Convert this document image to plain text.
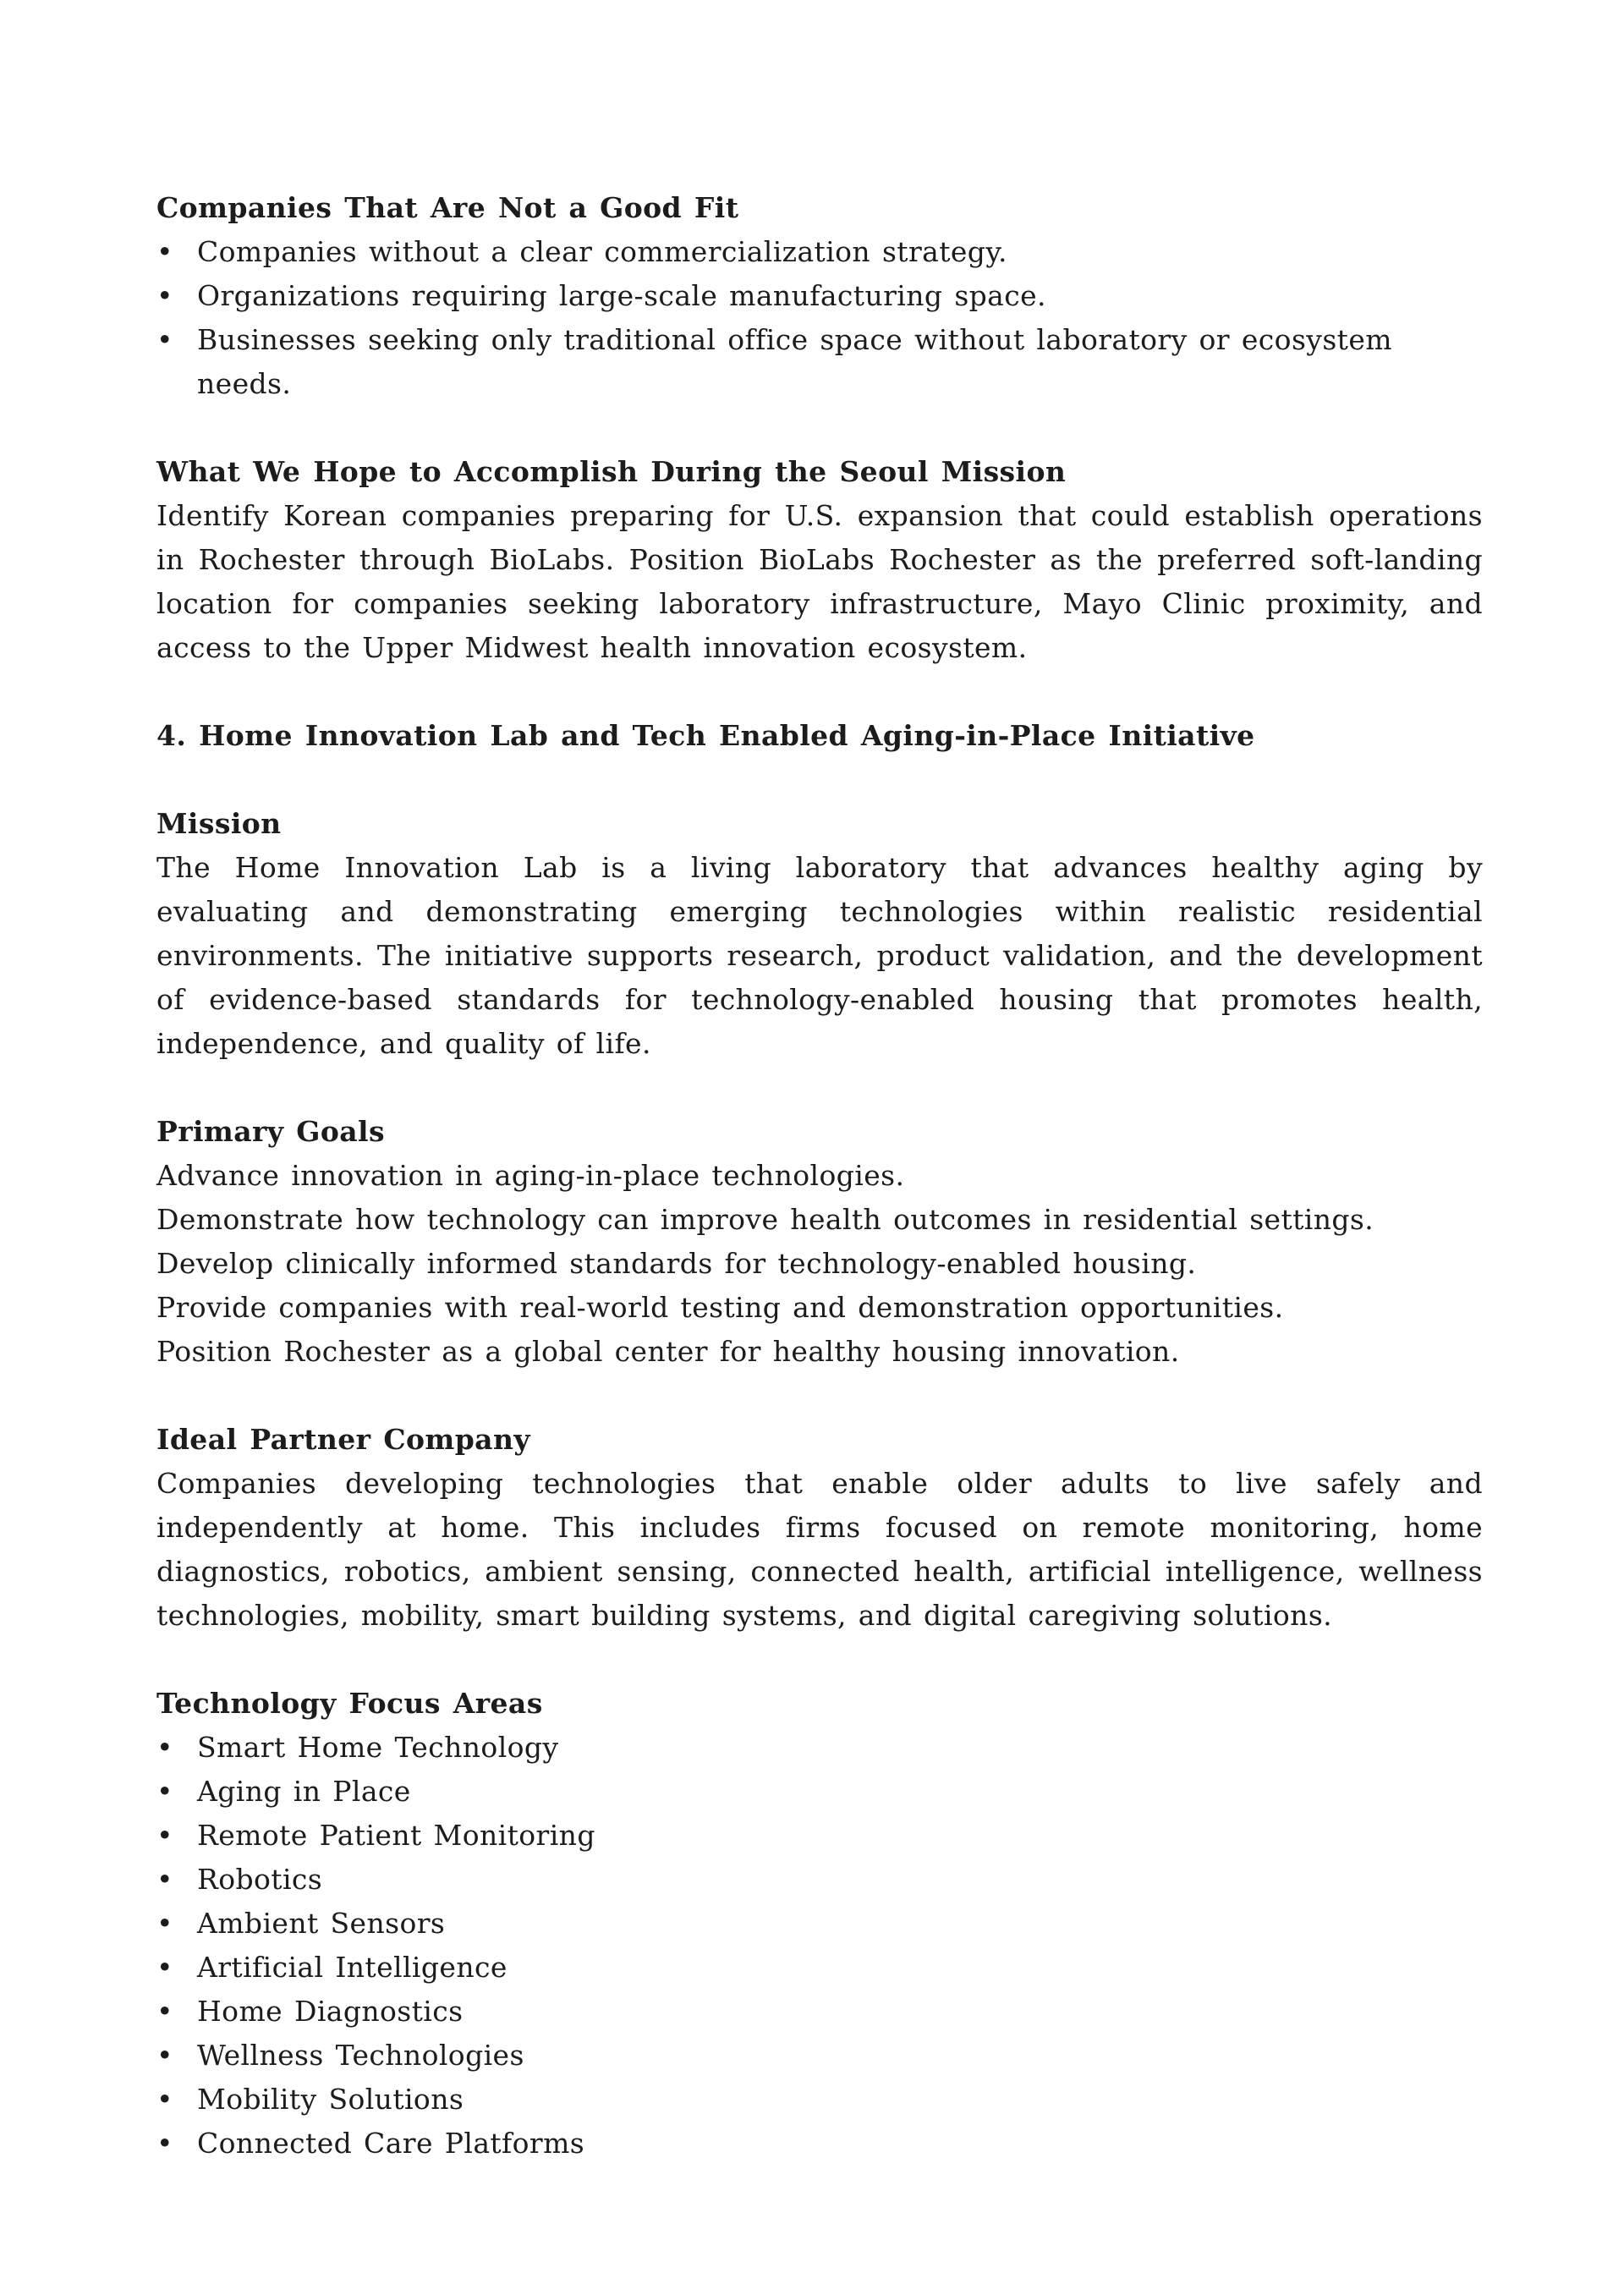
Companies That Are Not a Good Fit

• Companies without a clear commercialization strategy.
• Organizations requiring large-scale manufacturing space.
• Businesses seeking only traditional office space without laboratory or ecosystem needs.

What We Hope to Accomplish During the Seoul Mission

Identify Korean companies preparing for U.S. expansion that could establish operations in Rochester through BioLabs. Position BioLabs Rochester as the preferred soft-landing location for companies seeking laboratory infrastructure, Mayo Clinic proximity, and access to the Upper Midwest health innovation ecosystem.

4. Home Innovation Lab and Tech Enabled Aging-in-Place Initiative

Mission

The Home Innovation Lab is a living laboratory that advances healthy aging by evaluating and demonstrating emerging technologies within realistic residential environments. The initiative supports research, product validation, and the development of evidence-based standards for technology-enabled housing that promotes health, independence, and quality of life.

Primary Goals

Advance innovation in aging-in-place technologies.

Demonstrate how technology can improve health outcomes in residential settings.

Develop clinically informed standards for technology-enabled housing.

Provide companies with real-world testing and demonstration opportunities.

Position Rochester as a global center for healthy housing innovation.

Ideal Partner Company

Companies developing technologies that enable older adults to live safely and independently at home. This includes firms focused on remote monitoring, home diagnostics, robotics, ambient sensing, connected health, artificial intelligence, wellness technologies, mobility, smart building systems, and digital caregiving solutions.

Technology Focus Areas

• Smart Home Technology
• Aging in Place
• Remote Patient Monitoring
• Robotics
• Ambient Sensors
• Artificial Intelligence
• Home Diagnostics
• Wellness Technologies
• Mobility Solutions
• Connected Care Platforms
